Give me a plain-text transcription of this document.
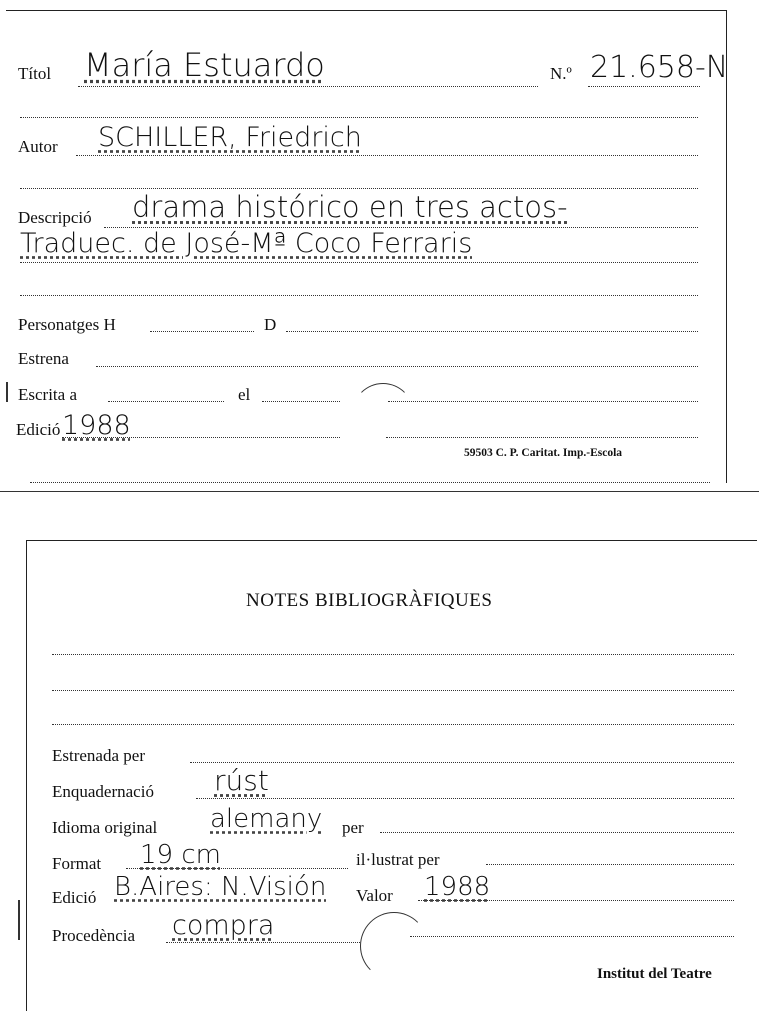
Títol María Estuardo	N.º 21.658-N
Autor SCHILLER, Friedrich
Descripció drama histórico en tres actos-
Traduec. de José-Mª Coco Ferraris
Personatges H	D
Estrena
Escrita a	el
Edició 1988
59503 C. P. Caritat. Imp.-Escola
NOTES BIBLIOGRÀFIQUES
Estrenada per
Enquadernació rúst
Idioma original alemany per
Format 19 cm	il·lustrat per
Edició B.Aires: N.Visión Valor 1988
Procedència compra
Institut del Teatre
